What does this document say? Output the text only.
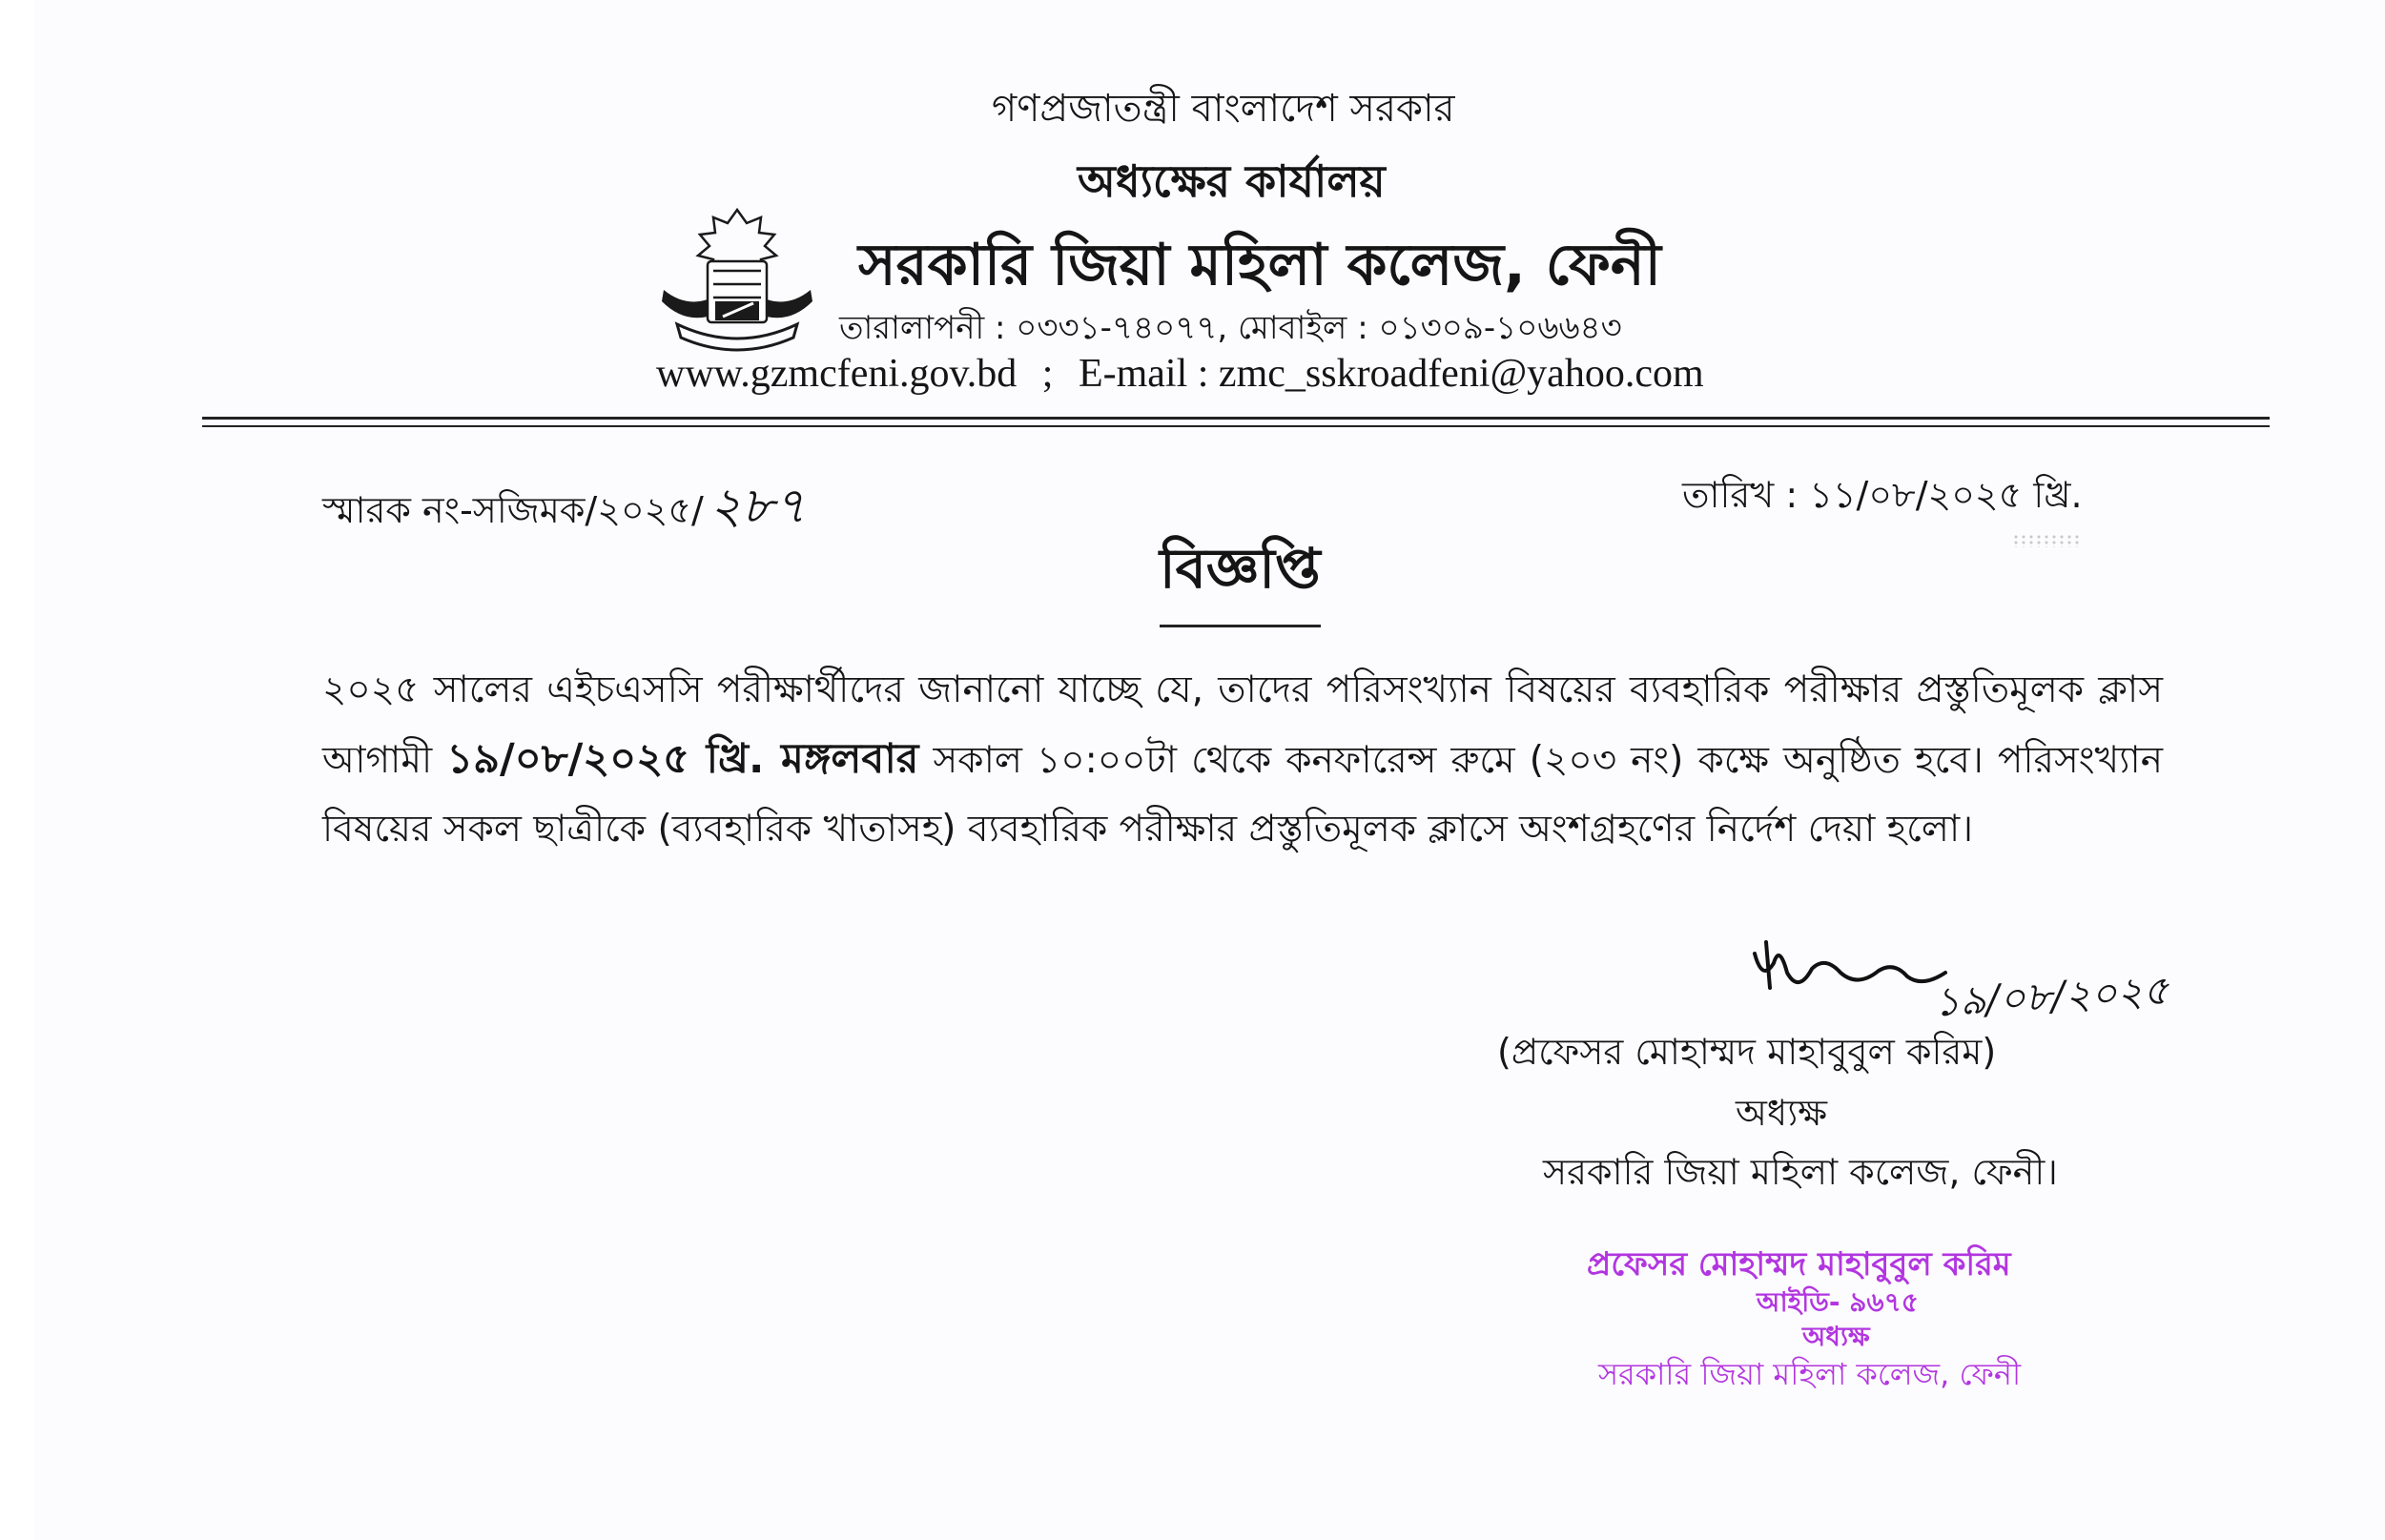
গণপ্রজাতন্ত্রী বাংলাদেশ সরকার
অধ্যক্ষের কার্যালয়
সরকারি জিয়া মহিলা কলেজ, ফেনী
তারালাপনী : ০৩৩১-৭৪০৭৭, মোবাইল : ০১৩০৯-১০৬৬৪৩
www.gzmcfeni.gov.bd ; E-mail : zmc_sskroadfeni@yahoo.com
স্মারক নং-সজিমক/২০২৫/ ২৮৭	তারিখ : ১১/০৮/২০২৫ খ্রি.
বিজ্ঞপ্তি
২০২৫ সালের এইচএসসি পরীক্ষার্থীদের জানানো যাচ্ছে যে, তাদের পরিসংখ্যান বিষয়ের ব্যবহারিক পরীক্ষার প্রস্তুতিমূলক ক্লাস আগামী ১৯/০৮/২০২৫ খ্রি. মঙ্গলবার সকাল ১০:০০টা থেকে কনফারেন্স রুমে (২০৩ নং) কক্ষে অনুষ্ঠিত হবে। পরিসংখ্যান বিষয়ের সকল ছাত্রীকে (ব্যবহারিক খাতাসহ) ব্যবহারিক পরীক্ষার প্রস্তুতিমূলক ক্লাসে অংশগ্রহণের নির্দেশ দেয়া হলো।
১৯/০৮/২০২৫
(প্রফেসর মোহাম্মদ মাহাবুবুল করিম)
অধ্যক্ষ
সরকারি জিয়া মহিলা কলেজ, ফেনী।
প্রফেসর মোহাম্মদ মাহাবুবুল করিম
আইডি- ৯৬৭৫
অধ্যক্ষ
সরকারি জিয়া মহিলা কলেজ, ফেনী
